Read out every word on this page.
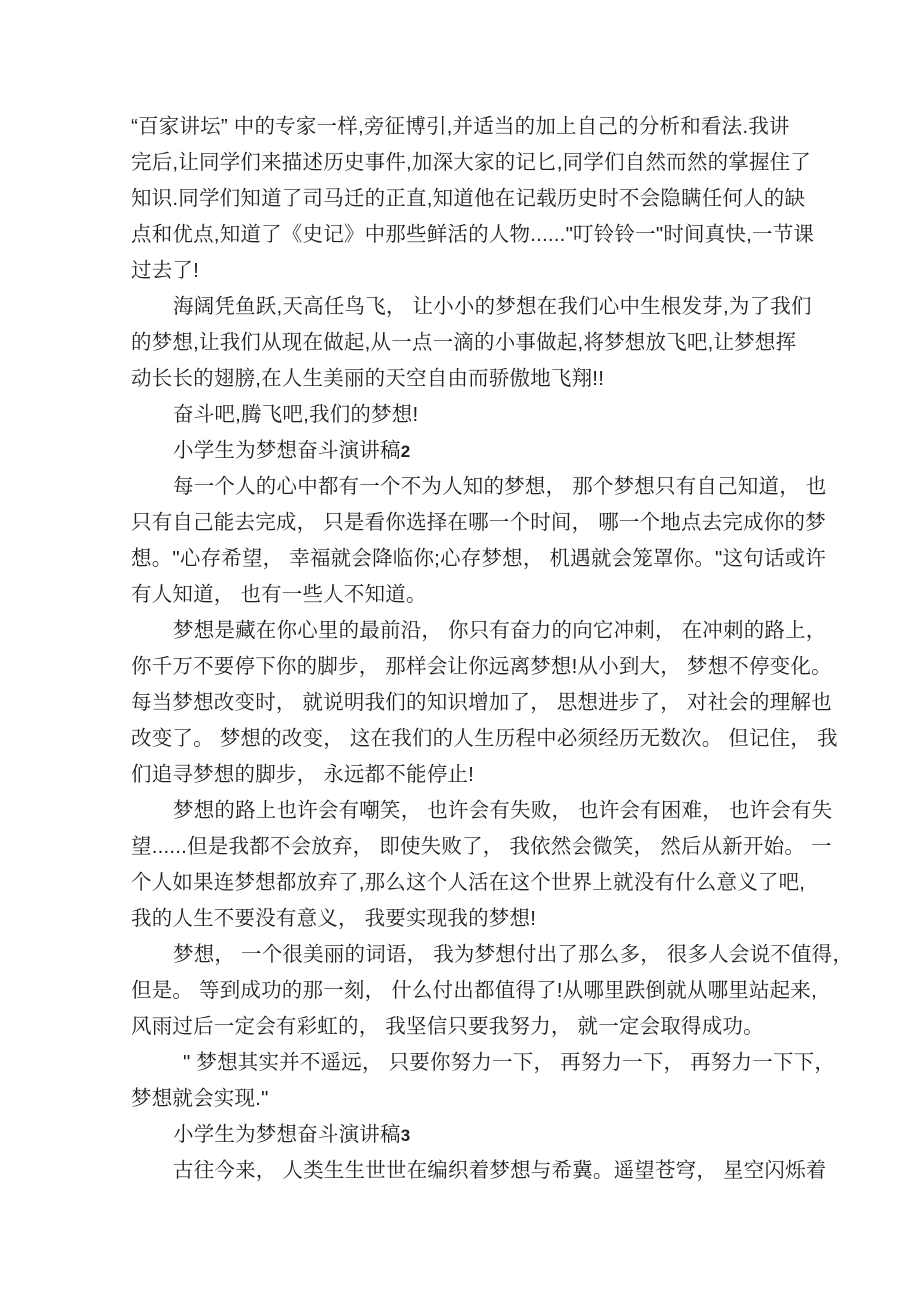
“百家讲坛” 中的专家一样,旁征博引,并适当的加上自己的分析和看法.我讲
完后,让同学们来描述历史事件,加深大家的记匕,同学们自然而然的掌握住了
知识.同学们知道了司马迁的正直,知道他在记载历史时不会隐瞒任何人的缺
点和优点,知道了《史记》中那些鲜活的人物......"叮铃铃一"时间真快,一节课
过去了!
海阔凭鱼跃,天高任鸟飞， 让小小的梦想在我们心中生根发芽,为了我们
的梦想,让我们从现在做起,从一点一滴的小事做起,将梦想放飞吧,让梦想挥
动长长的翅膀,在人生美丽的天空自由而骄傲地飞翔!!
奋斗吧,腾飞吧,我们的梦想!
小学生为梦想奋斗演讲稿2
每一个人的心中都有一个不为人知的梦想， 那个梦想只有自己知道， 也
只有自己能去完成， 只是看你选择在哪一个时间， 哪一个地点去完成你的梦
想。"心存希望， 幸福就会降临你;心存梦想， 机遇就会笼罩你。"这句话或许
有人知道， 也有一些人不知道。
梦想是藏在你心里的最前沿， 你只有奋力的向它冲刺， 在冲刺的路上，
你千万不要停下你的脚步， 那样会让你远离梦想!从小到大， 梦想不停变化。
每当梦想改变时， 就说明我们的知识增加了， 思想进步了， 对社会的理解也
改变了。 梦想的改变， 这在我们的人生历程中必须经历无数次。 但记住， 我
们追寻梦想的脚步， 永远都不能停止!
梦想的路上也许会有嘲笑， 也许会有失败， 也许会有困难， 也许会有失
望......但是我都不会放弃， 即使失败了， 我依然会微笑， 然后从新开始。 一
个人如果连梦想都放弃了,那么这个人活在这个世界上就没有什么意义了吧,
我的人生不要没有意义， 我要实现我的梦想!
梦想， 一个很美丽的词语， 我为梦想付出了那么多， 很多人会说不值得，
但是。 等到成功的那一刻， 什么付出都值得了!从哪里跌倒就从哪里站起来,
风雨过后一定会有彩虹的， 我坚信只要我努力， 就一定会取得成功。
" 梦想其实并不遥远， 只要你努力一下， 再努力一下， 再努力一下下，
梦想就会实现."
小学生为梦想奋斗演讲稿3
古往今来， 人类生生世世在编织着梦想与希冀。遥望苍穹， 星空闪烁着
